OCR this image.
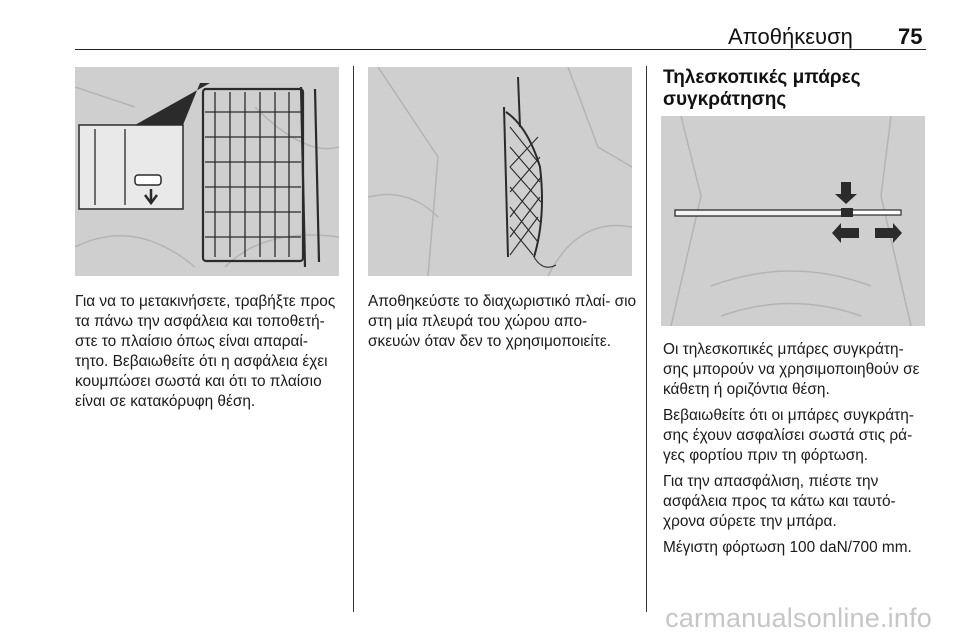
Αποθήκευση 75

Για να το μετακινήσετε, τραβήξτε προς τα πάνω την ασφάλεια και τοποθετή- στε το πλαίσιο όπως είναι απαραί- τητο. Βεβαιωθείτε ότι η ασφάλεια έχει κουμπώσει σωστά και ότι το πλαίσιο είναι σε κατακόρυφη θέση.

Αποθηκεύστε το διαχωριστικό πλαί- σιο στη μία πλευρά του χώρου απο- σκευών όταν δεν το χρησιμοποιείτε.

Τηλεσκοπικές μπάρες συγκράτησης

Οι τηλεσκοπικές μπάρες συγκράτη- σης μπορούν να χρησιμοποιηθούν σε κάθετη ή οριζόντια θέση.

Βεβαιωθείτε ότι οι μπάρες συγκράτη- σης έχουν ασφαλίσει σωστά στις ρά- γες φορτίου πριν τη φόρτωση.

Για την απασφάλιση, πιέστε την ασφάλεια προς τα κάτω και ταυτό- χρονα σύρετε την μπάρα.

Μέγιστη φόρτωση 100 daN/700 mm.

carmanualsonline.info
